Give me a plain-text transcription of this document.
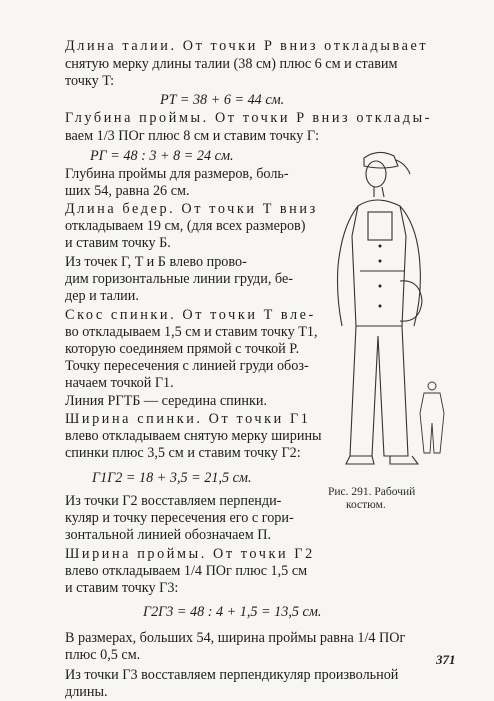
Длина талии. От точки P вниз откладывает
снятую мерку длины талии (38 см) плюс 6 см и ставим
точку T:
Глубина проймы. От точки P вниз отклады-
ваем 1/3 ПОг плюс 8 см и ставим точку Г:
Глубина проймы для размеров, боль-
ших 54, равна 26 см.
Длина бедер. От точки T вниз
откладываем 19 см, (для всех размеров)
и ставим точку Б.
Из точек Г, T и Б влево прово-
дим горизонтальные линии груди, бе-
дер и талии.
Скос спинки. От точки T вле-
во откладываем 1,5 см и ставим точку T1,
которую соединяем прямой с точкой P.
Точку пересечения с линией груди обоз-
начаем точкой Г1.
Линия РГТБ — середина спинки.
Ширина спинки. От точки Г1
влево откладываем снятую мерку ширины
спинки плюс 3,5 см и ставим точку Г2:
Из точки Г2 восставляем перпенди-
куляр и точку пересечения его с гори-
зонтальной линией обозначаем П.
Ширина проймы. От точки Г2
влево откладываем 1/4 ПОг плюс 1,5 см
и ставим точку Г3:
В размерах, больших 54, ширина проймы равна 1/4 ПОг
плюс 0,5 см.
Из точки Г3 восставляем перпендикуляр произвольной
длины.
PT = 38 + 6 = 44 см.
РГ = 48 : 3 + 8 = 24 см.
Г1Г2 = 18 + 3,5 = 21,5 см.
Г2Г3 = 48 : 4 + 1,5 = 13,5 см.
Рис. 291. Рабочий
костюм.
371
